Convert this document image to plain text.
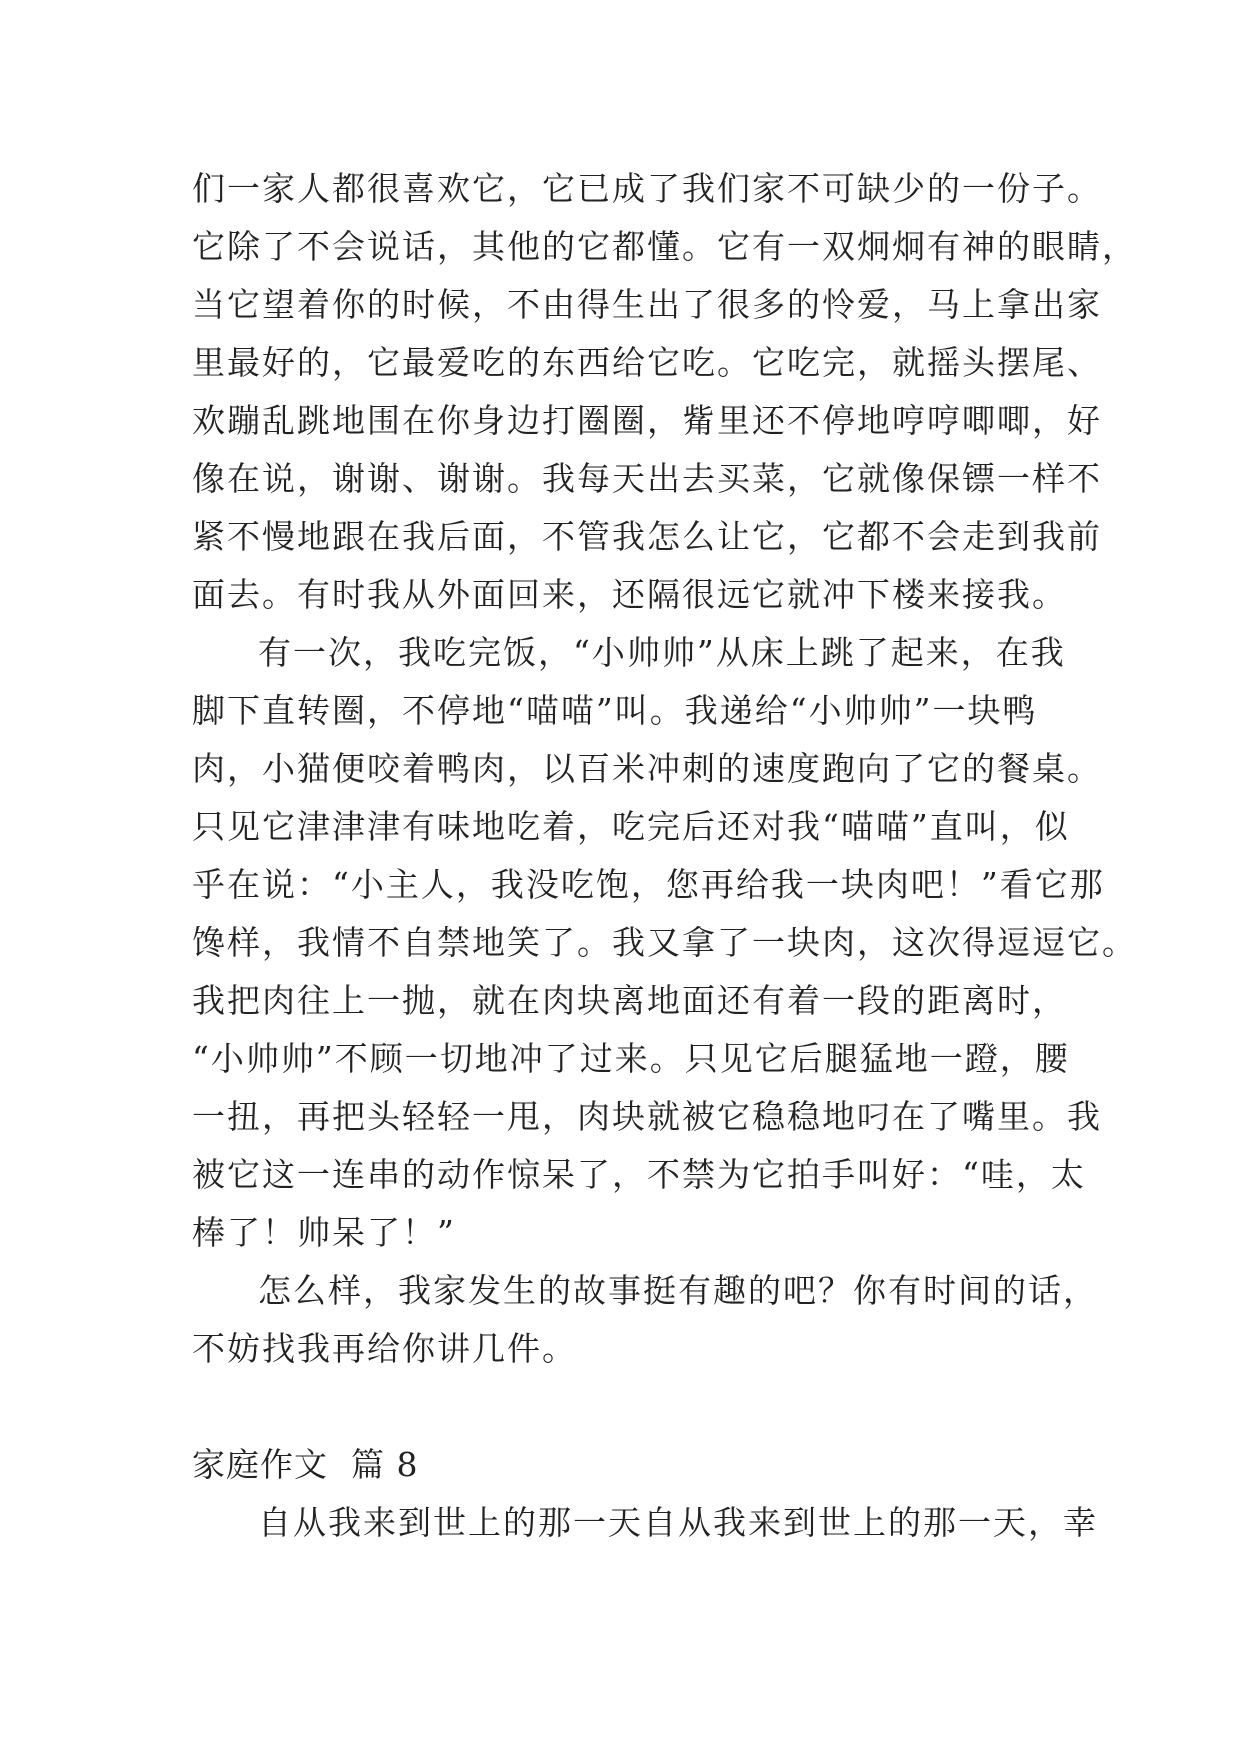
们一家人都很喜欢它，它已成了我们家不可缺少的一份子。
它除了不会说话，其他的它都懂。它有一双炯炯有神的眼睛，
当它望着你的时候，不由得生出了很多的怜爱，马上拿出家
里最好的，它最爱吃的东西给它吃。它吃完，就摇头摆尾、
欢蹦乱跳地围在你身边打圈圈，觜里还不停地哼哼唧唧，好
像在说，谢谢、谢谢。我每天出去买菜，它就像保镖一样不
紧不慢地跟在我后面，不管我怎么让它，它都不会走到我前
面去。有时我从外面回来，还隔很远它就冲下楼来接我。
有一次，我吃完饭，“小帅帅”从床上跳了起来，在我
脚下直转圈，不停地“喵喵”叫。我递给“小帅帅”一块鸭
肉，小猫便咬着鸭肉，以百米冲刺的速度跑向了它的餐桌。
只见它津津津有味地吃着，吃完后还对我“喵喵”直叫，似
乎在说：“小主人，我没吃饱，您再给我一块肉吧！”看它那
馋样，我情不自禁地笑了。我又拿了一块肉，这次得逗逗它。
我把肉往上一抛，就在肉块离地面还有着一段的距离时，
“小帅帅”不顾一切地冲了过来。只见它后腿猛地一蹬，腰
一扭，再把头轻轻一甩，肉块就被它稳稳地叼在了嘴里。我
被它这一连串的动作惊呆了，不禁为它拍手叫好：“哇，太
棒了！帅呆了！”
怎么样，我家发生的故事挺有趣的吧？你有时间的话，
不妨找我再给你讲几件。
家庭作文  篇 8
自从我来到世上的那一天自从我来到世上的那一天，幸
